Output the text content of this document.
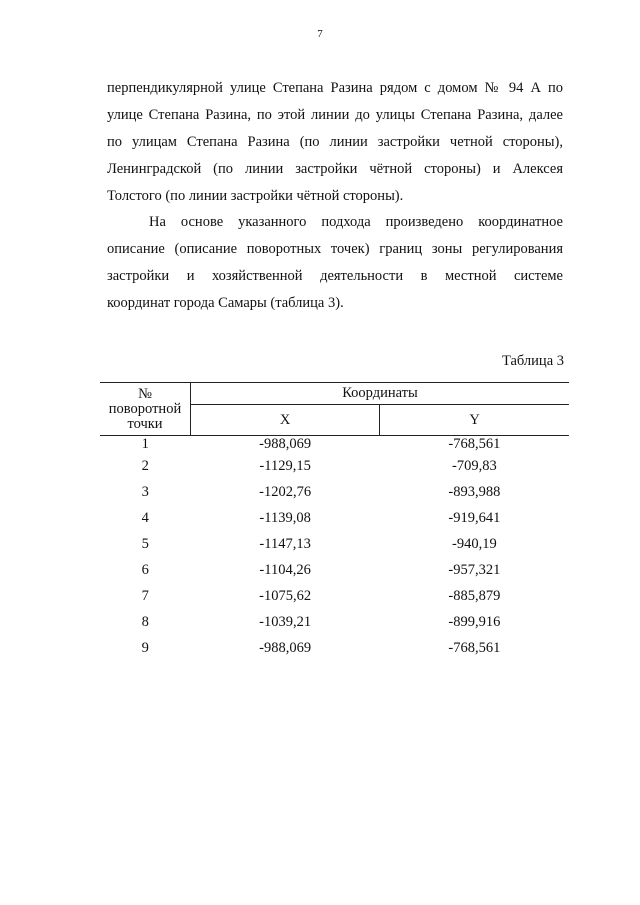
7

перпендикулярной улице Степана Разина рядом с домом № 94 А по
улице Степана Разина, по этой линии до улицы Степана Разина, далее
по улицам Степана Разина (по линии застройки четной стороны),
Ленинградской (по линии застройки чётной стороны) и Алексея
Толстого (по линии застройки чётной стороны).

На основе указанного подхода произведено координатное
описание (описание поворотных точек) границ зоны регулирования
застройки и хозяйственной деятельности в местной системе
координат города Самары (таблица 3).

Таблица 3
№
поворотной
точки	Координаты	
	X	Y
1	-988,069	-768,561
2	-1129,15	-709,83
3	-1202,76	-893,988
4	-1139,08	-919,641
5	-1147,13	-940,19
6	-1104,26	-957,321
7	-1075,62	-885,879
8	-1039,21	-899,916
9	-988,069	-768,561
